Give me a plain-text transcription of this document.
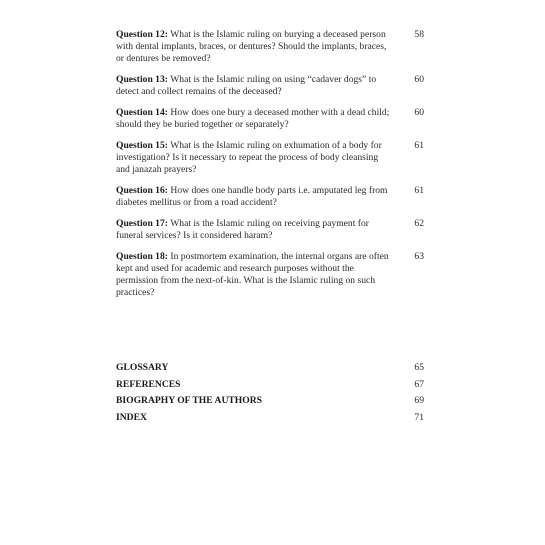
Question 12: What is the Islamic ruling on burying a deceased person with dental implants, braces, or dentures? Should the implants, braces, or dentures be removed?
58
Question 13: What is the Islamic ruling on using “cadaver dogs” to detect and collect remains of the deceased?
60
Question 14: How does one bury a deceased mother with a dead child; should they be buried together or separately?
60
Question 15: What is the Islamic ruling on exhumation of a body for investigation? Is it necessary to repeat the process of body cleansing and janazah prayers?
61
Question 16: How does one handle body parts i.e. amputated leg from diabetes mellitus or from a road accident?
61
Question 17: What is the Islamic ruling on receiving payment for funeral services? Is it considered haram?
62
Question 18: In postmortem examination, the internal organs are often kept and used for academic and research purposes without the permission from the next-of-kin. What is the Islamic ruling on such practices?
63
GLOSSARY	65
REFERENCES	67
BIOGRAPHY OF THE AUTHORS	69
INDEX	71
